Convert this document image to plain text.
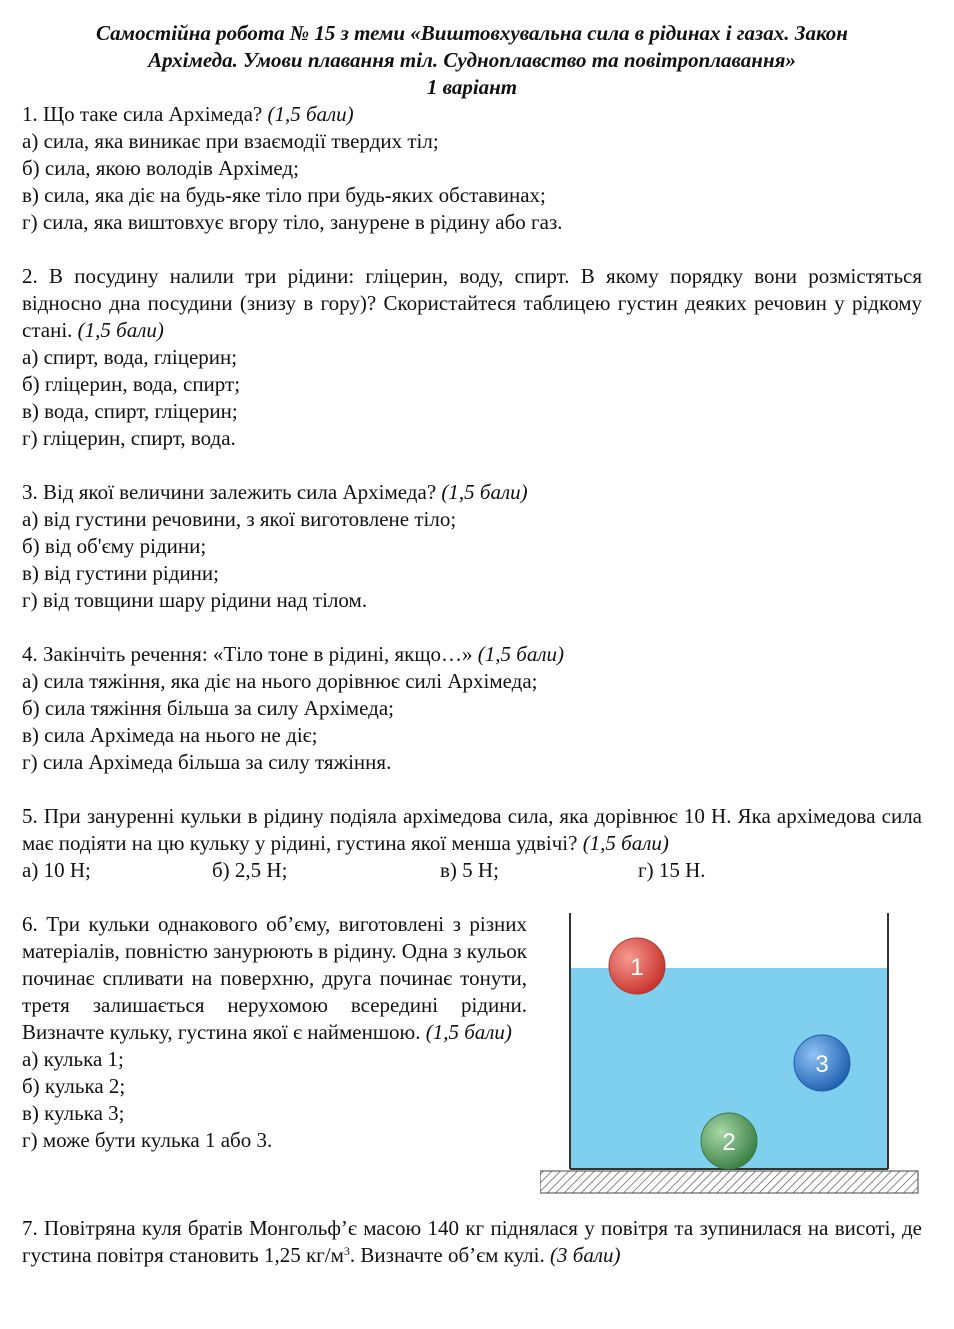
Самостійна робота № 15 з теми «Виштовхувальна сила в рідинах і газах. Закон
Архімеда. Умови плавання тіл. Судноплавство та повітроплавання»
1 варіант
1. Що таке сила Архімеда? (1,5 бали)
а) сила, яка виникає при взаємодії твердих тіл;
б) сила, якою володів Архімед;
в) сила, яка діє на будь-яке тіло при будь-яких обставинах;
г) сила, яка виштовхує вгору тіло, занурене в рідину або газ.
2. В посудину налили три рідини: гліцерин, воду, спирт. В якому порядку вони розмістяться відносно дна посудини (знизу в гору)? Скористайтеся таблицею густин деяких речовин у рідкому стані. (1,5 бали)
а) спирт, вода, гліцерин;
б) гліцерин, вода, спирт;
в) вода, спирт, гліцерин;
г) гліцерин, спирт, вода.
3. Від якої величини залежить сила Архімеда? (1,5 бали)
а) від густини речовини, з якої виготовлене тіло;
б) від об'єму рідини;
в) від густини рідини;
г) від товщини шару рідини над тілом.
4. Закінчіть речення: «Тіло тоне в рідині, якщо…» (1,5 бали)
а) сила тяжіння, яка діє на нього дорівнює силі Архімеда;
б) сила тяжіння більша за силу Архімеда;
в) сила Архімеда на нього не діє;
г) сила Архімеда більша за силу тяжіння.
5. При зануренні кульки в рідину подіяла архімедова сила, яка дорівнює 10 Н. Яка архімедова сила має подіяти на цю кульку у рідині, густина якої менша удвічі? (1,5 бали)
а) 10 Н;	б) 2,5 Н;	в) 5 Н;	г) 15 Н.
6. Три кульки однакового об’єму, виготовлені з різних матеріалів, повністю занурюють в рідину. Одна з кульок починає спливати на поверхню, друга починає тонути, третя залишається нерухомою всередині рідини. Визначте кульку, густина якої є найменшою. (1,5 бали)
а) кулька 1;
б) кулька 2;
в) кулька 3;
г) може бути кулька 1 або 3.
1
3
2
7. Повітряна куля братів Монгольф’є масою 140 кг піднялася у повітря та зупинилася на висоті, де густина повітря становить 1,25 $кг/м^3$. Визначте об’єм кулі. (3 бали)
